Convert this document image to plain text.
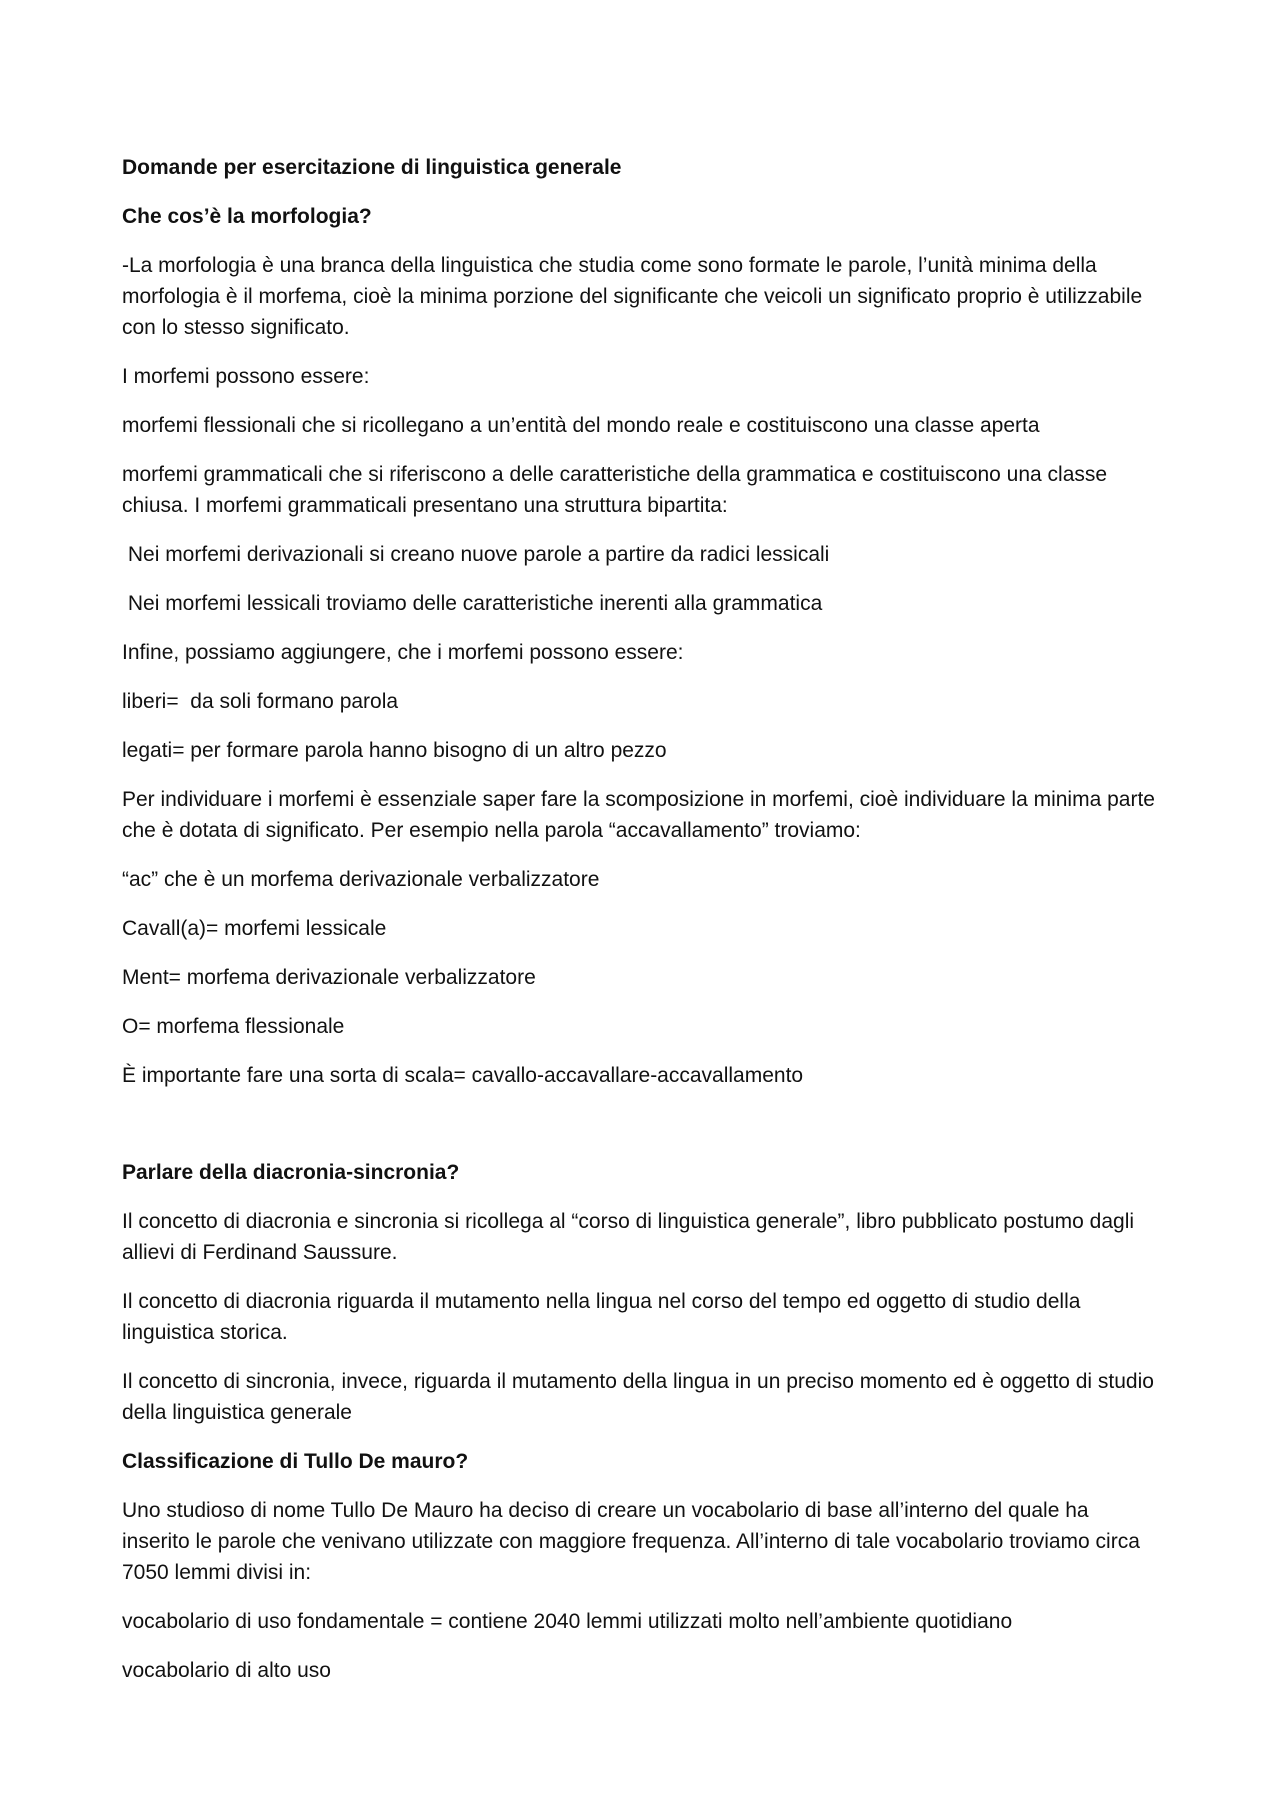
Domande per esercitazione di linguistica generale
Che cos’è la morfologia?
-La morfologia è una branca della linguistica che studia come sono formate le parole, l’unità minima della morfologia è il morfema, cioè la minima porzione del significante che veicoli un significato proprio è utilizzabile con lo stesso significato.
I morfemi possono essere:
morfemi flessionali che si ricollegano a un’entità del mondo reale e costituiscono una classe aperta
morfemi grammaticali che si riferiscono a delle caratteristiche della grammatica e costituiscono una classe chiusa. I morfemi grammaticali presentano una struttura bipartita:
Nei morfemi derivazionali si creano nuove parole a partire da radici lessicali
Nei morfemi lessicali troviamo delle caratteristiche inerenti alla grammatica
Infine, possiamo aggiungere, che i morfemi possono essere:
liberi=  da soli formano parola
legati= per formare parola hanno bisogno di un altro pezzo
Per individuare i morfemi è essenziale saper fare la scomposizione in morfemi, cioè individuare la minima parte che è dotata di significato. Per esempio nella parola “accavallamento” troviamo:
“ac” che è un morfema derivazionale verbalizzatore
Cavall(a)= morfemi lessicale
Ment= morfema derivazionale verbalizzatore
O= morfema flessionale
È importante fare una sorta di scala= cavallo-accavallare-accavallamento
Parlare della diacronia-sincronia?
Il concetto di diacronia e sincronia si ricollega al “corso di linguistica generale”, libro pubblicato postumo dagli allievi di Ferdinand Saussure.
Il concetto di diacronia riguarda il mutamento nella lingua nel corso del tempo ed oggetto di studio della linguistica storica.
Il concetto di sincronia, invece, riguarda il mutamento della lingua in un preciso momento ed è oggetto di studio della linguistica generale
Classificazione di Tullo De mauro?
Uno studioso di nome Tullo De Mauro ha deciso di creare un vocabolario di base all’interno del quale ha inserito le parole che venivano utilizzate con maggiore frequenza. All’interno di tale vocabolario troviamo circa 7050 lemmi divisi in:
vocabolario di uso fondamentale = contiene 2040 lemmi utilizzati molto nell’ambiente quotidiano
vocabolario di alto uso
